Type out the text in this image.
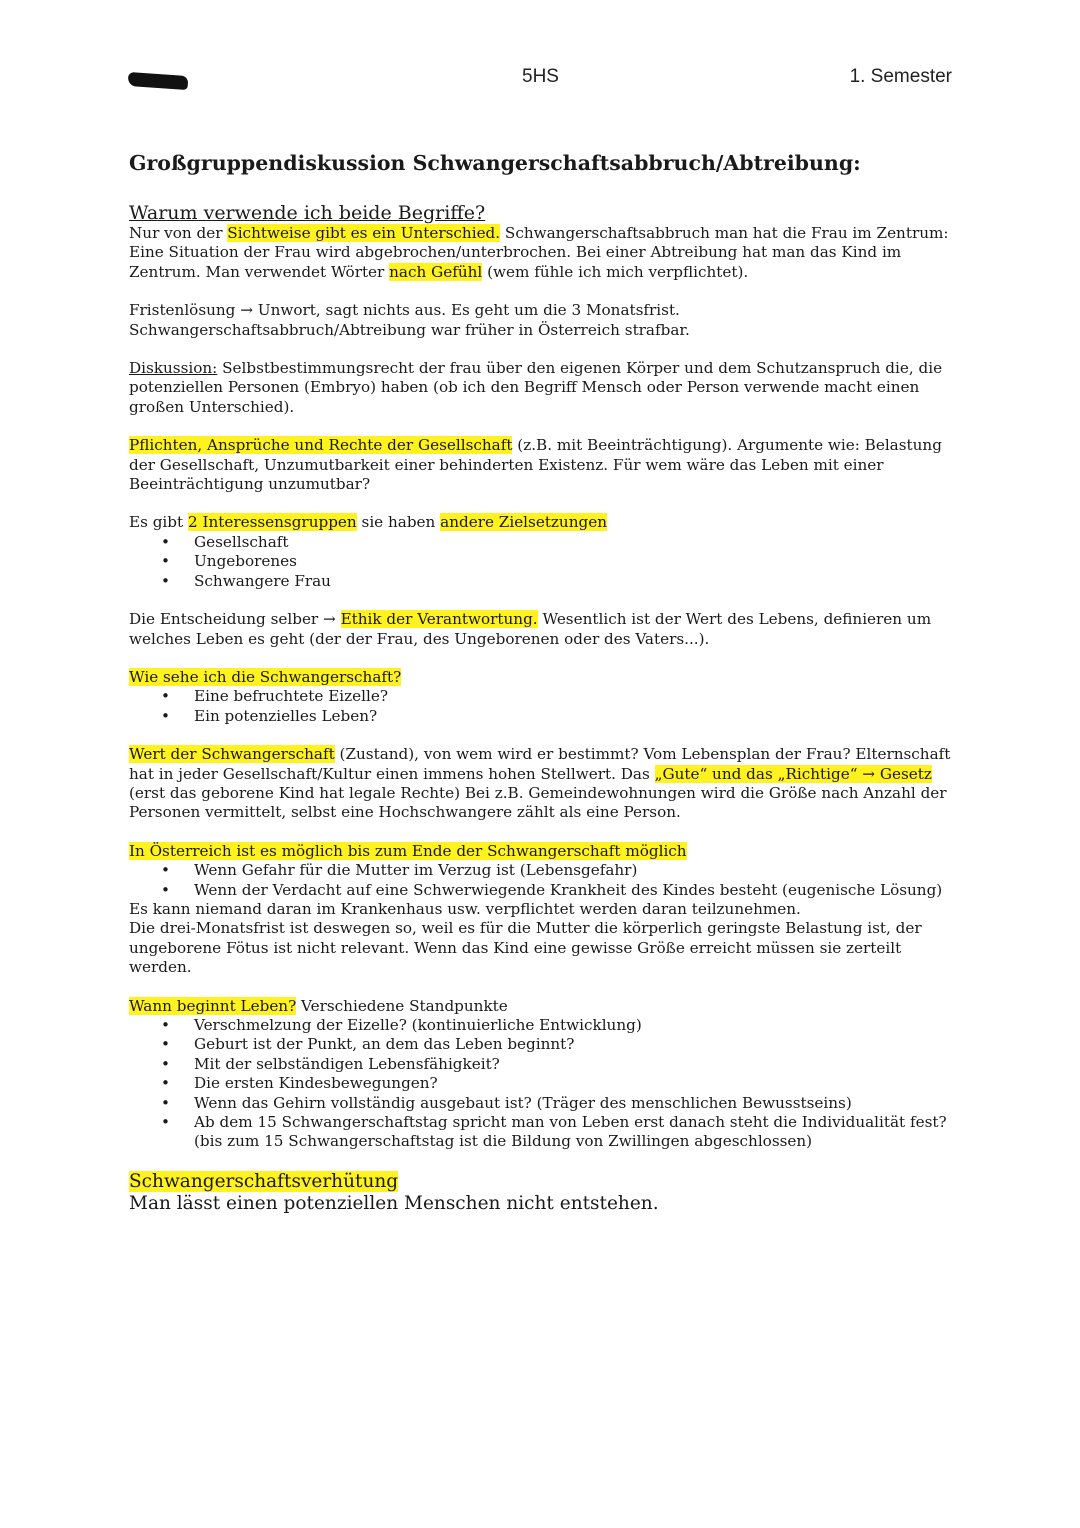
5HS	1. Semester
Großgruppendiskussion Schwangerschaftsabbruch/Abtreibung:

Warum verwende ich beide Begriffe?

Nur von der Sichtweise gibt es ein Unterschied. Schwangerschaftsabbruch man hat die Frau im Zentrum: Eine Situation der Frau wird abgebrochen/unterbrochen. Bei einer Abtreibung hat man das Kind im Zentrum. Man verwendet Wörter nach Gefühl (wem fühle ich mich verpflichtet).

Fristenlösung → Unwort, sagt nichts aus. Es geht um die 3 Monatsfrist.
Schwangerschaftsabbruch/Abtreibung war früher in Österreich strafbar.

Diskussion: Selbstbestimmungsrecht der frau über den eigenen Körper und dem Schutzanspruch die, die potenziellen Personen (Embryo) haben (ob ich den Begriff Mensch oder Person verwende macht einen großen Unterschied).

Pflichten, Ansprüche und Rechte der Gesellschaft (z.B. mit Beeinträchtigung). Argumente wie: Belastung der Gesellschaft, Unzumutbarkeit einer behinderten Existenz. Für wem wäre das Leben mit einer Beeinträchtigung unzumutbar?

Es gibt 2 Interessensgruppen sie haben andere Zielsetzungen

• Gesellschaft
• Ungeborenes
• Schwangere Frau

Die Entscheidung selber → Ethik der Verantwortung. Wesentlich ist der Wert des Lebens, definieren um welches Leben es geht (der der Frau, des Ungeborenen oder des Vaters...).

Wie sehe ich die Schwangerschaft?

• Eine befruchtete Eizelle?
• Ein potenzielles Leben?

Wert der Schwangerschaft (Zustand), von wem wird er bestimmt? Vom Lebensplan der Frau? Elternschaft hat in jeder Gesellschaft/Kultur einen immens hohen Stellwert. Das „Gute“ und das „Richtige“ → Gesetz (erst das geborene Kind hat legale Rechte) Bei z.B. Gemeindewohnungen wird die Größe nach Anzahl der Personen vermittelt, selbst eine Hochschwangere zählt als eine Person.

In Österreich ist es möglich bis zum Ende der Schwangerschaft möglich

• Wenn Gefahr für die Mutter im Verzug ist (Lebensgefahr)
• Wenn der Verdacht auf eine Schwerwiegende Krankheit des Kindes besteht (eugenische Lösung)

Es kann niemand daran im Krankenhaus usw. verpflichtet werden daran teilzunehmen.

Die drei-Monatsfrist ist deswegen so, weil es für die Mutter die körperlich geringste Belastung ist, der ungeborene Fötus ist nicht relevant. Wenn das Kind eine gewisse Größe erreicht müssen sie zerteilt werden.

Wann beginnt Leben? Verschiedene Standpunkte

• Verschmelzung der Eizelle? (kontinuierliche Entwicklung)
• Geburt ist der Punkt, an dem das Leben beginnt?
• Mit der selbständigen Lebensfähigkeit?
• Die ersten Kindesbewegungen?
• Wenn das Gehirn vollständig ausgebaut ist? (Träger des menschlichen Bewusstseins)
• Ab dem 15 Schwangerschaftstag spricht man von Leben erst danach steht die Individualität fest? (bis zum 15 Schwangerschaftstag ist die Bildung von Zwillingen abgeschlossen)

Schwangerschaftsverhütung

Man lässt einen potenziellen Menschen nicht entstehen.
